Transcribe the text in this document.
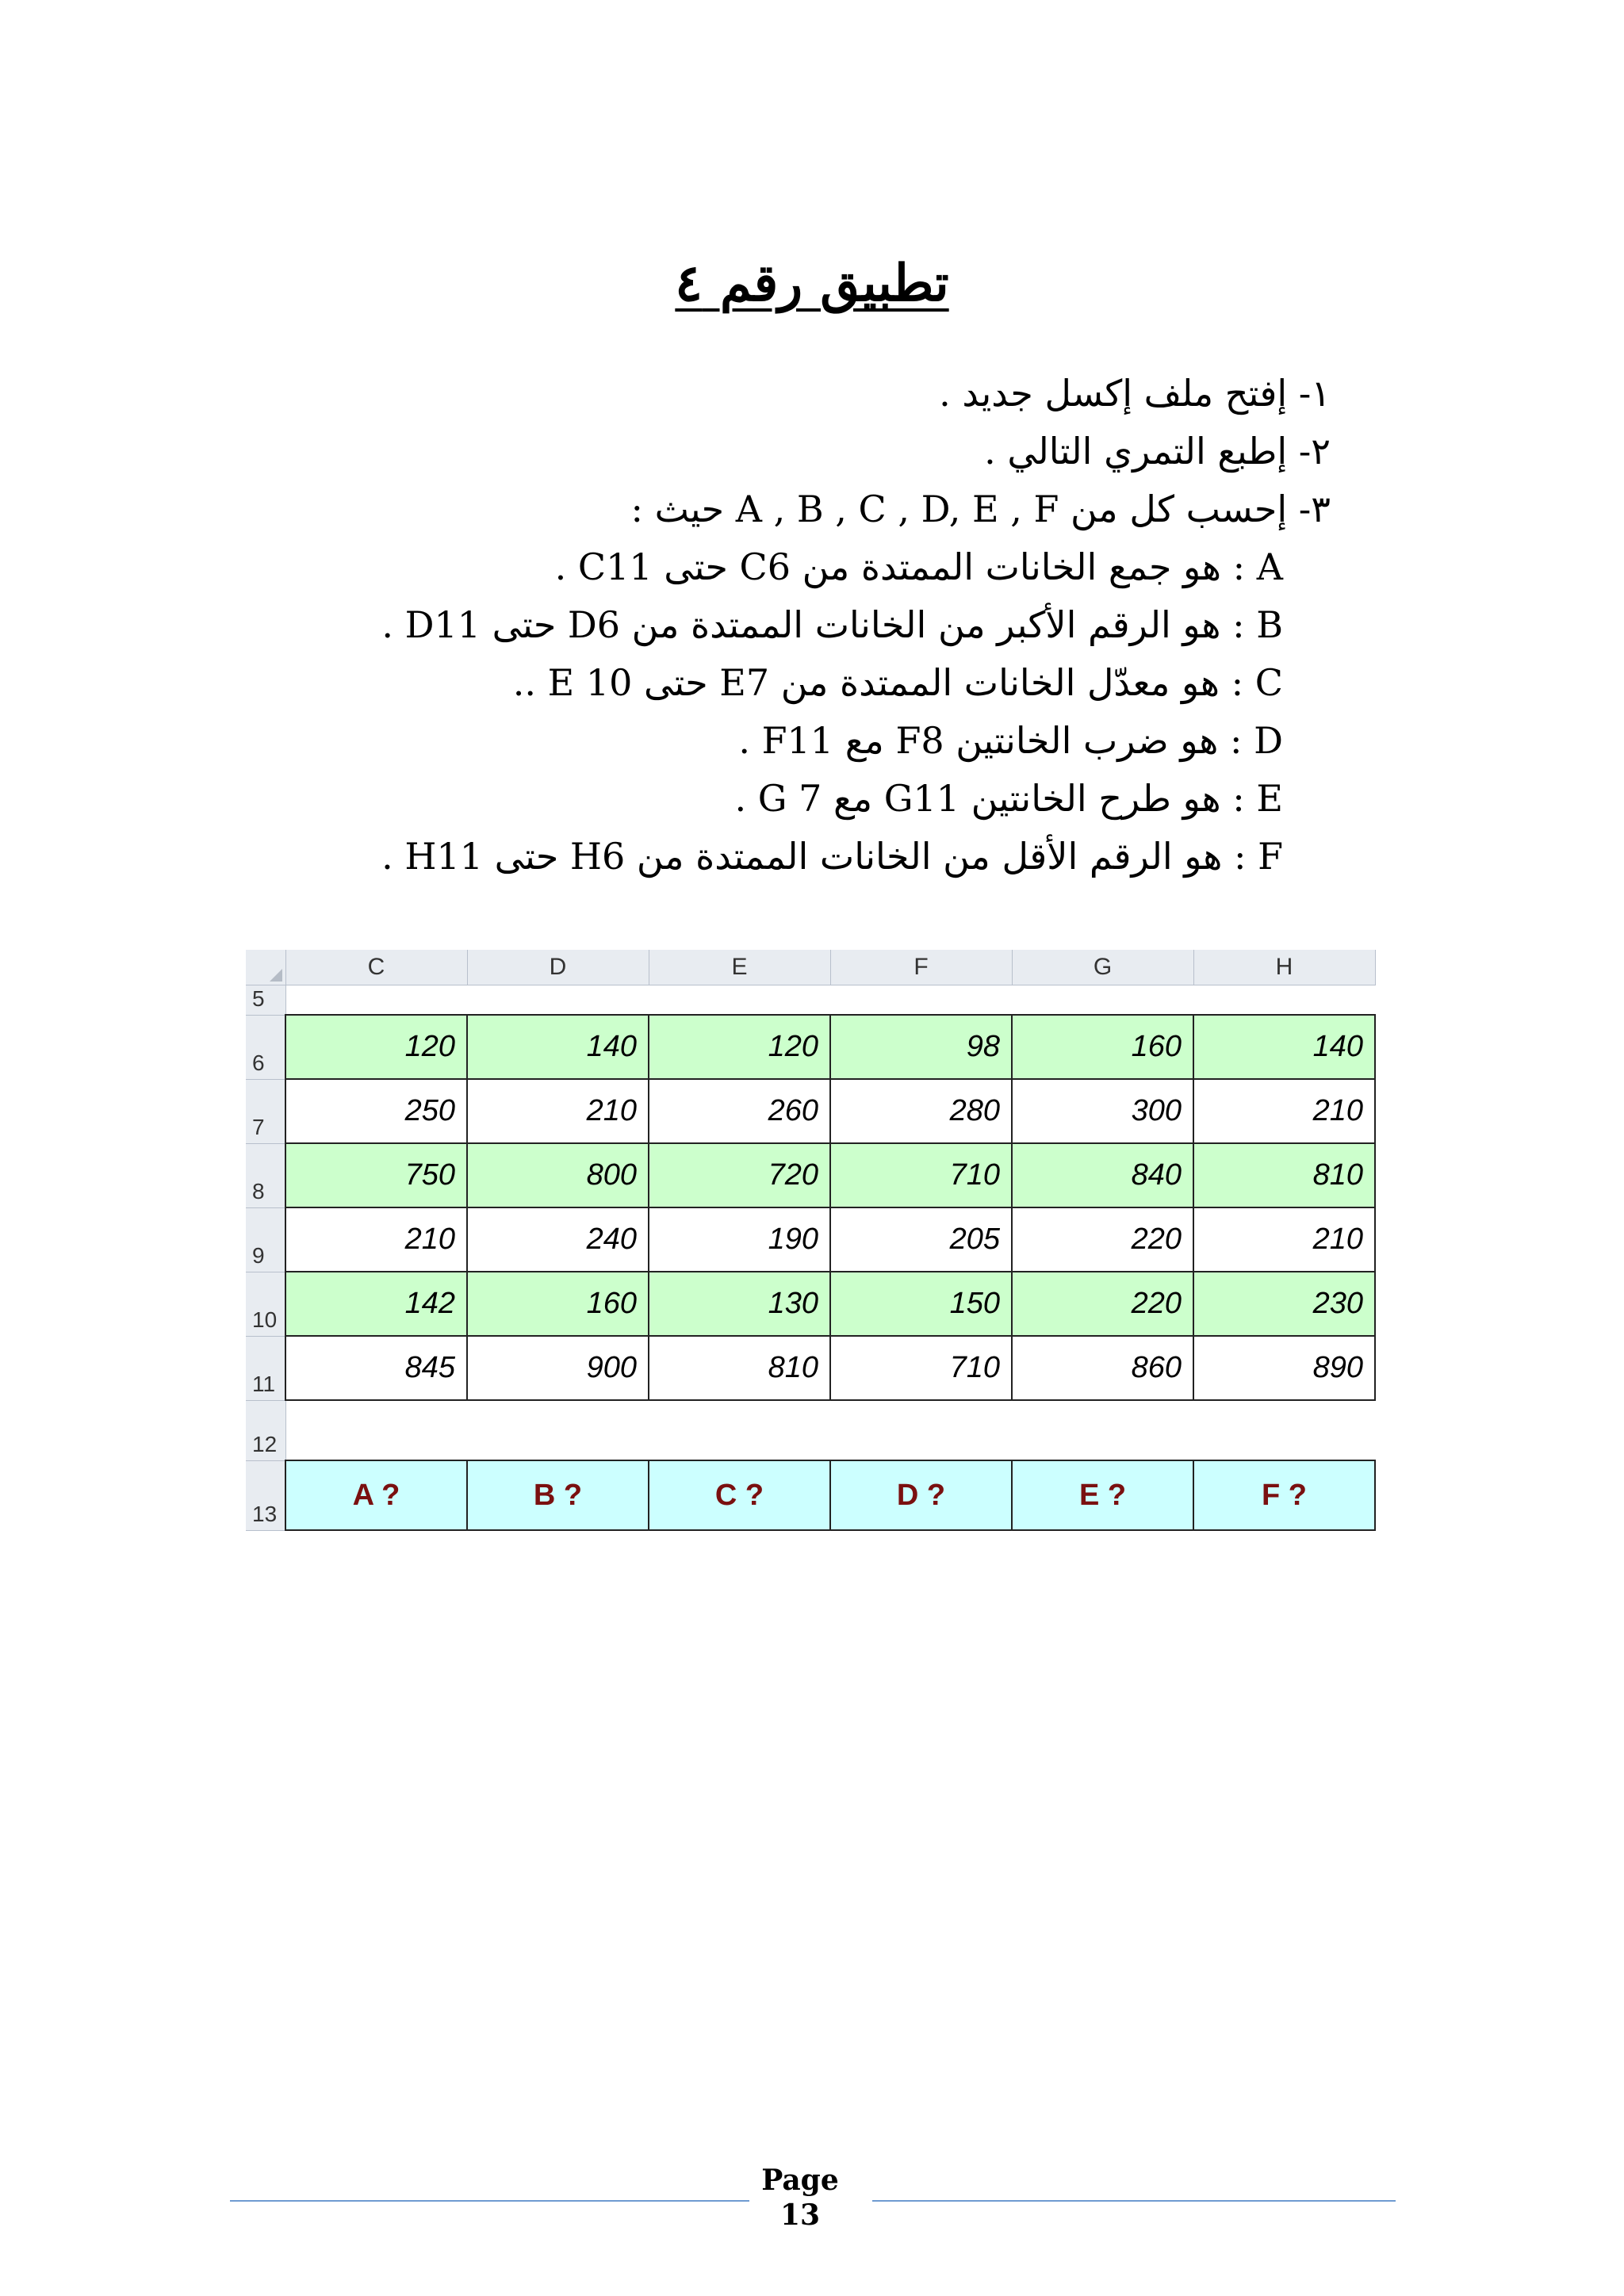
تطبيق رقم ٤
١- إفتح ملف إكسل جديد .
٢- إطبع التمري التالي .
٣- إحسب كل من A , B , C , D, E , F حيث :
A : هو جمع الخانات الممتدة من C6 حتى C11 .
B : هو الرقم الأكبر من الخانات الممتدة من D6 حتى D11 .
C : هو معدّل الخانات الممتدة من E7 حتى E 10 ..
D : هو ضرب الخانتين F8 مع F11 .
E : هو طرح الخانتين G11 مع G 7 .
F : هو الرقم الأقل من الخانات الممتدة من H6 حتى H11 .
	C	D	E	F	G	H
5						
6	120	140	120	98	160	140
7	250	210	260	280	300	210
8	750	800	720	710	840	810
9	210	240	190	205	220	210
10	142	160	130	150	220	230
11	845	900	810	710	860	890
12						
13	A ?	B ?	C ?	D ?	E ?	F ?
Page
13
